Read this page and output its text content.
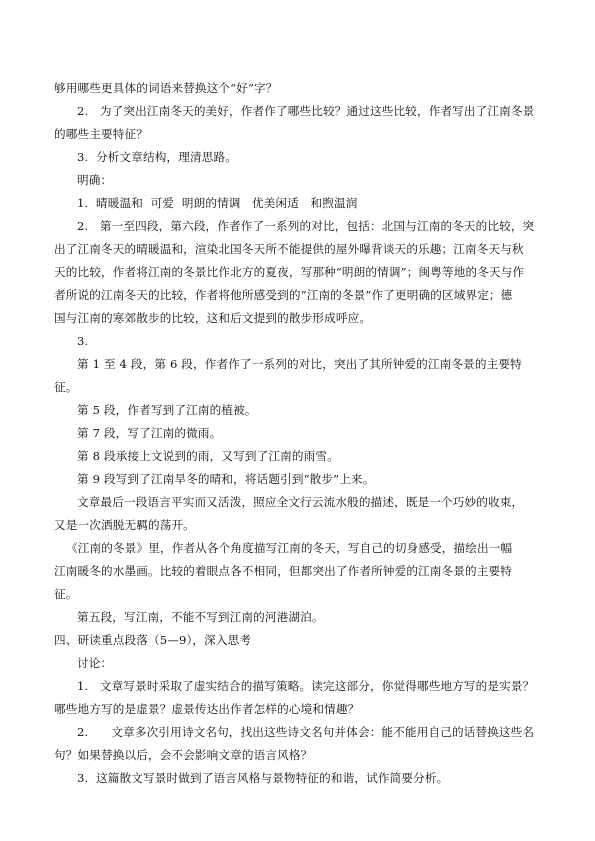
够用哪些更具体的词语来替换这个“好”字？
2.   为了突出江南冬天的美好，作者作了哪些比较？通过这些比较，作者写出了江南冬景
的哪些主要特征？
3.  分析文章结构，理清思路。
明确：
1.  晴暖温和  可爱  明朗的情调   优美闲适   和煦温润
2.   第一至四段，第六段，作者作了一系列的对比，包括：北国与江南的冬天的比较，突
出了江南冬天的晴暖温和，渲染北国冬天所不能提供的屋外曝背谈天的乐趣；江南冬天与秋
天的比较，作者将江南的冬景比作北方的夏夜，写那种“明朗的情调”；闽粤等地的冬天与作
者所说的江南冬天的比较，作者将他所感受到的“江南的冬景”作了更明确的区域界定；德
国与江南的寒郊散步的比较，这和后文提到的散步形成呼应。
3.
第 1 至 4 段，第 6 段，作者作了一系列的对比，突出了其所钟爱的江南冬景的主要特
征。
第 5 段，作者写到了江南的植被。
第 7 段，写了江南的微雨。
第 8 段承接上文说到的雨，又写到了江南的雨雪。
第 9 段写到了江南旱冬的晴和，将话题引到“散步”上来。
文章最后一段语言平实而又活泼，照应全文行云流水般的描述，既是一个巧妙的收束，
又是一次洒脱无羁的荡开。
《江南的冬景》里，作者从各个角度描写江南的冬天，写自己的切身感受，描绘出一幅
江南暖冬的水墨画。比较的着眼点各不相同，但都突出了作者所钟爱的江南冬景的主要特
征。
第五段，写江南，不能不写到江南的河港湖泊。
四、研读重点段落（5—9），深入思考
讨论：
1.   文章写景时采取了虚实结合的描写策略。读完这部分，你觉得哪些地方写的是实景？
哪些地方写的是虚景？虚景传达出作者怎样的心境和情趣？
2.      文章多次引用诗文名句，找出这些诗文名句并体会：能不能用自己的话替换这些名
句？如果替换以后，会不会影响文章的语言风格？
3.  这篇散文写景时做到了语言风格与景物特征的和谐，试作简要分析。
